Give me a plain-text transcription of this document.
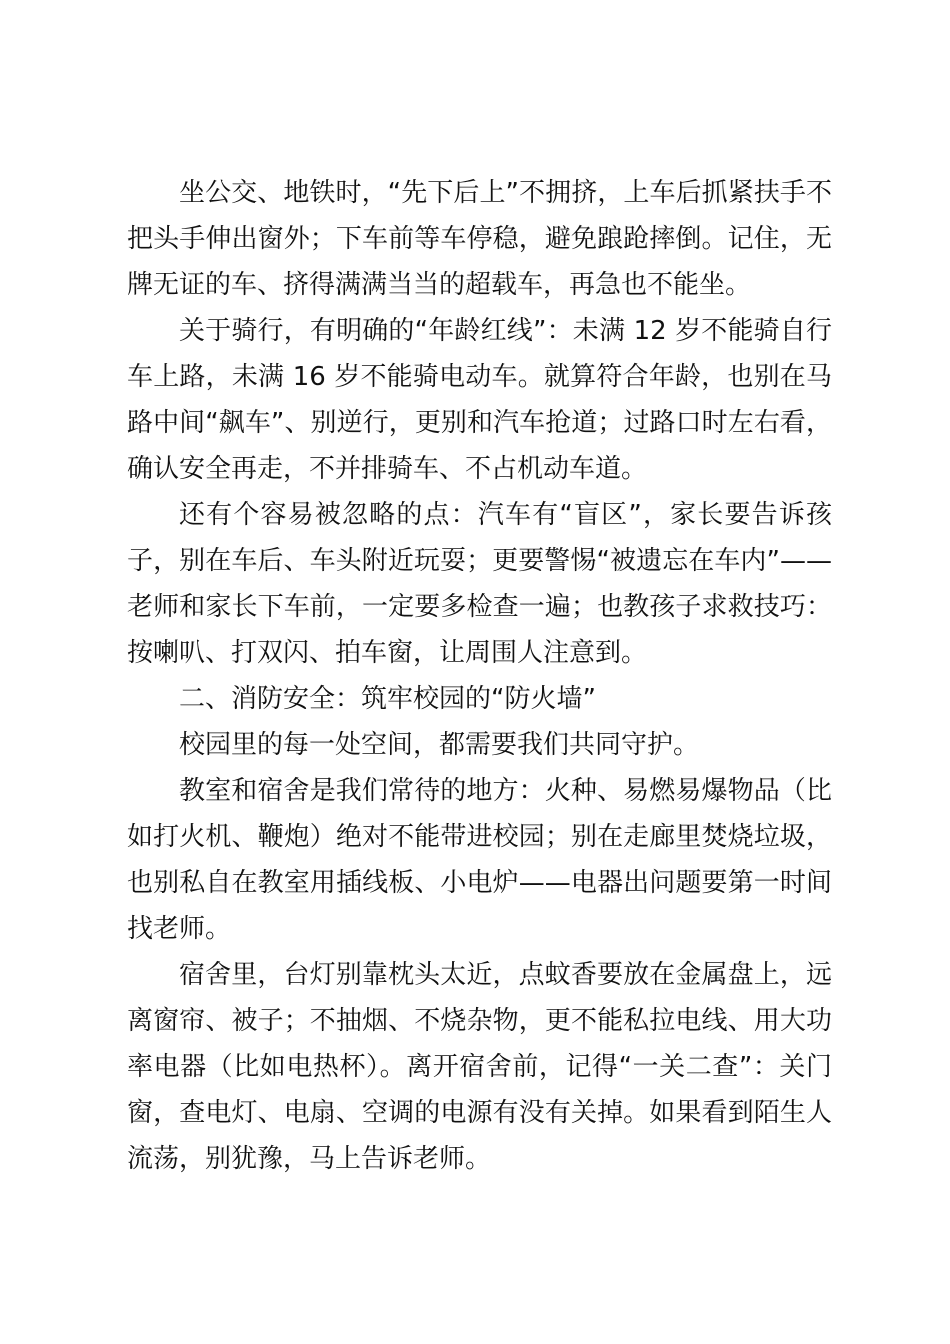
坐公交、地铁时，“先下后上”不拥挤，上车后抓紧扶手不把头手伸出窗外；下车前等车停稳，避免踉跄摔倒。记住，无牌无证的车、挤得满满当当的超载车，再急也不能坐。

关于骑行，有明确的“年龄红线”：未满 12 岁不能骑自行车上路，未满 16 岁不能骑电动车。就算符合年龄，也别在马路中间“飙车”、别逆行，更别和汽车抢道；过路口时左右看，确认安全再走，不并排骑车、不占机动车道。

还有个容易被忽略的点：汽车有“盲区”，家长要告诉孩子，别在车后、车头附近玩耍；更要警惕“被遗忘在车内”——老师和家长下车前，一定要多检查一遍；也教孩子求救技巧：按喇叭、打双闪、拍车窗，让周围人注意到。

二、消防安全：筑牢校园的“防火墙”

校园里的每一处空间，都需要我们共同守护。

教室和宿舍是我们常待的地方：火种、易燃易爆物品（比如打火机、鞭炮）绝对不能带进校园；别在走廊里焚烧垃圾，也别私自在教室用插线板、小电炉——电器出问题要第一时间找老师。

宿舍里，台灯别靠枕头太近，点蚊香要放在金属盘上，远离窗帘、被子；不抽烟、不烧杂物，更不能私拉电线、用大功率电器（比如电热杯）。离开宿舍前，记得“一关二查”：关门窗，查电灯、电扇、空调的电源有没有关掉。如果看到陌生人流荡，别犹豫，马上告诉老师。
